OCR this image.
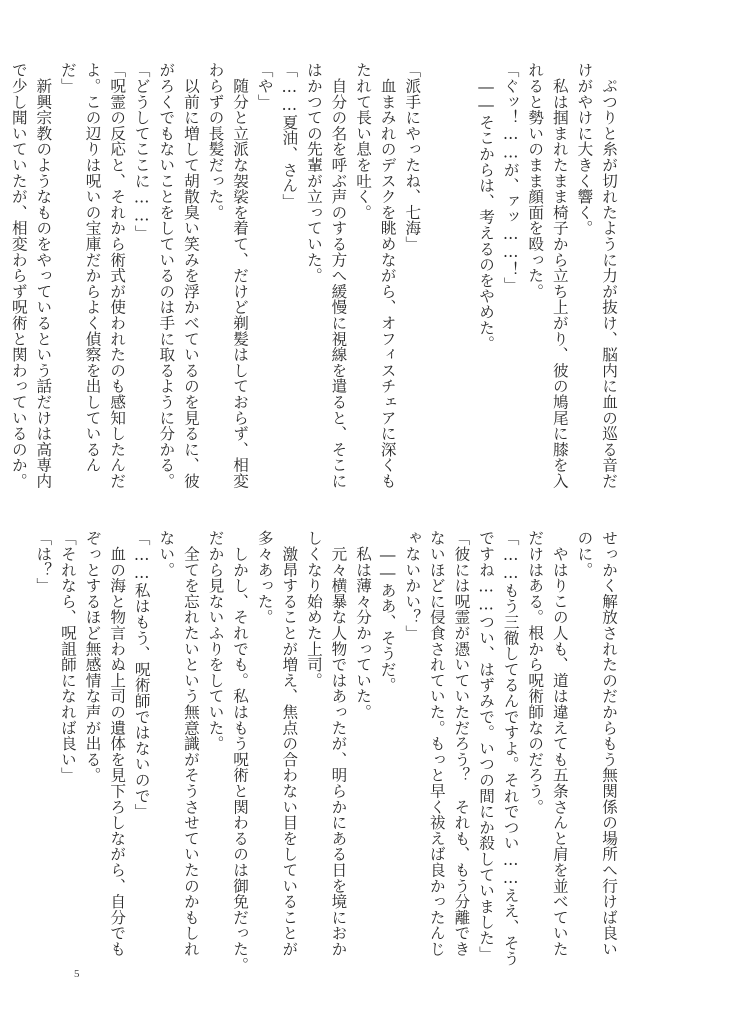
　ぷつりと糸が切れたように力が抜け、脳内に血の巡る音だ
けがやけに大きく響く。
　私は掴まれたまま椅子から立ち上がり、彼の鳩尾に膝を入
れると勢いのまま顔面を殴った。
「ぐッ！……が、ァッ……！」
　――そこからは、考えるのをやめた。

「派手にやったね、七海」
　血まみれのデスクを眺めながら、オフィスチェアに深くも
たれて長い息を吐く。
　自分の名を呼ぶ声のする方へ緩慢に視線を遣ると、そこに
はかつての先輩が立っていた。
「……夏油、さん」
「や」
　随分と立派な袈裟を着て、だけど剃髪はしておらず、相変
わらずの長髪だった。
　以前に増して胡散臭い笑みを浮かべているのを見るに、彼
がろくでもないことをしているのは手に取るように分かる。
「どうしてここに……」
「呪霊の反応と、それから術式が使われたのも感知したんだ
よ。この辺りは呪いの宝庫だからよく偵察を出しているん
だ」
　新興宗教のようなものをやっているという話だけは高専内
で少し聞いていたが、相変わらず呪術と関わっているのか。
せっかく解放されたのだからもう無関係の場所へ行けば良い
のに。
　やはりこの人も、道は違えても五条さんと肩を並べていた
だけはある。根から呪術師なのだろう。
「……もう三徹してるんですよ。それでつい……ええ、そう
ですね……つい、はずみで。いつの間にか殺していました」
「彼には呪霊が憑いていただろう？　それも、もう分離でき
ないほどに侵食されていた。もっと早く祓えば良かったんじ
ゃないかい？」
　――ああ、そうだ。
　私は薄々分かっていた。
　元々横暴な人物ではあったが、明らかにある日を境におか
しくなり始めた上司。
　激昂することが増え、焦点の合わない目をしていることが
多々あった。
　しかし、それでも。私はもう呪術と関わるのは御免だった。
だから見ないふりをしていた。
　全てを忘れたいという無意識がそうさせていたのかもしれ
ない。
「……私はもう、呪術師ではないので」
　血の海と物言わぬ上司の遺体を見下ろしながら、自分でも
ぞっとするほど無感情な声が出る。
「それなら、呪詛師になれば良い」
「は？」
5
